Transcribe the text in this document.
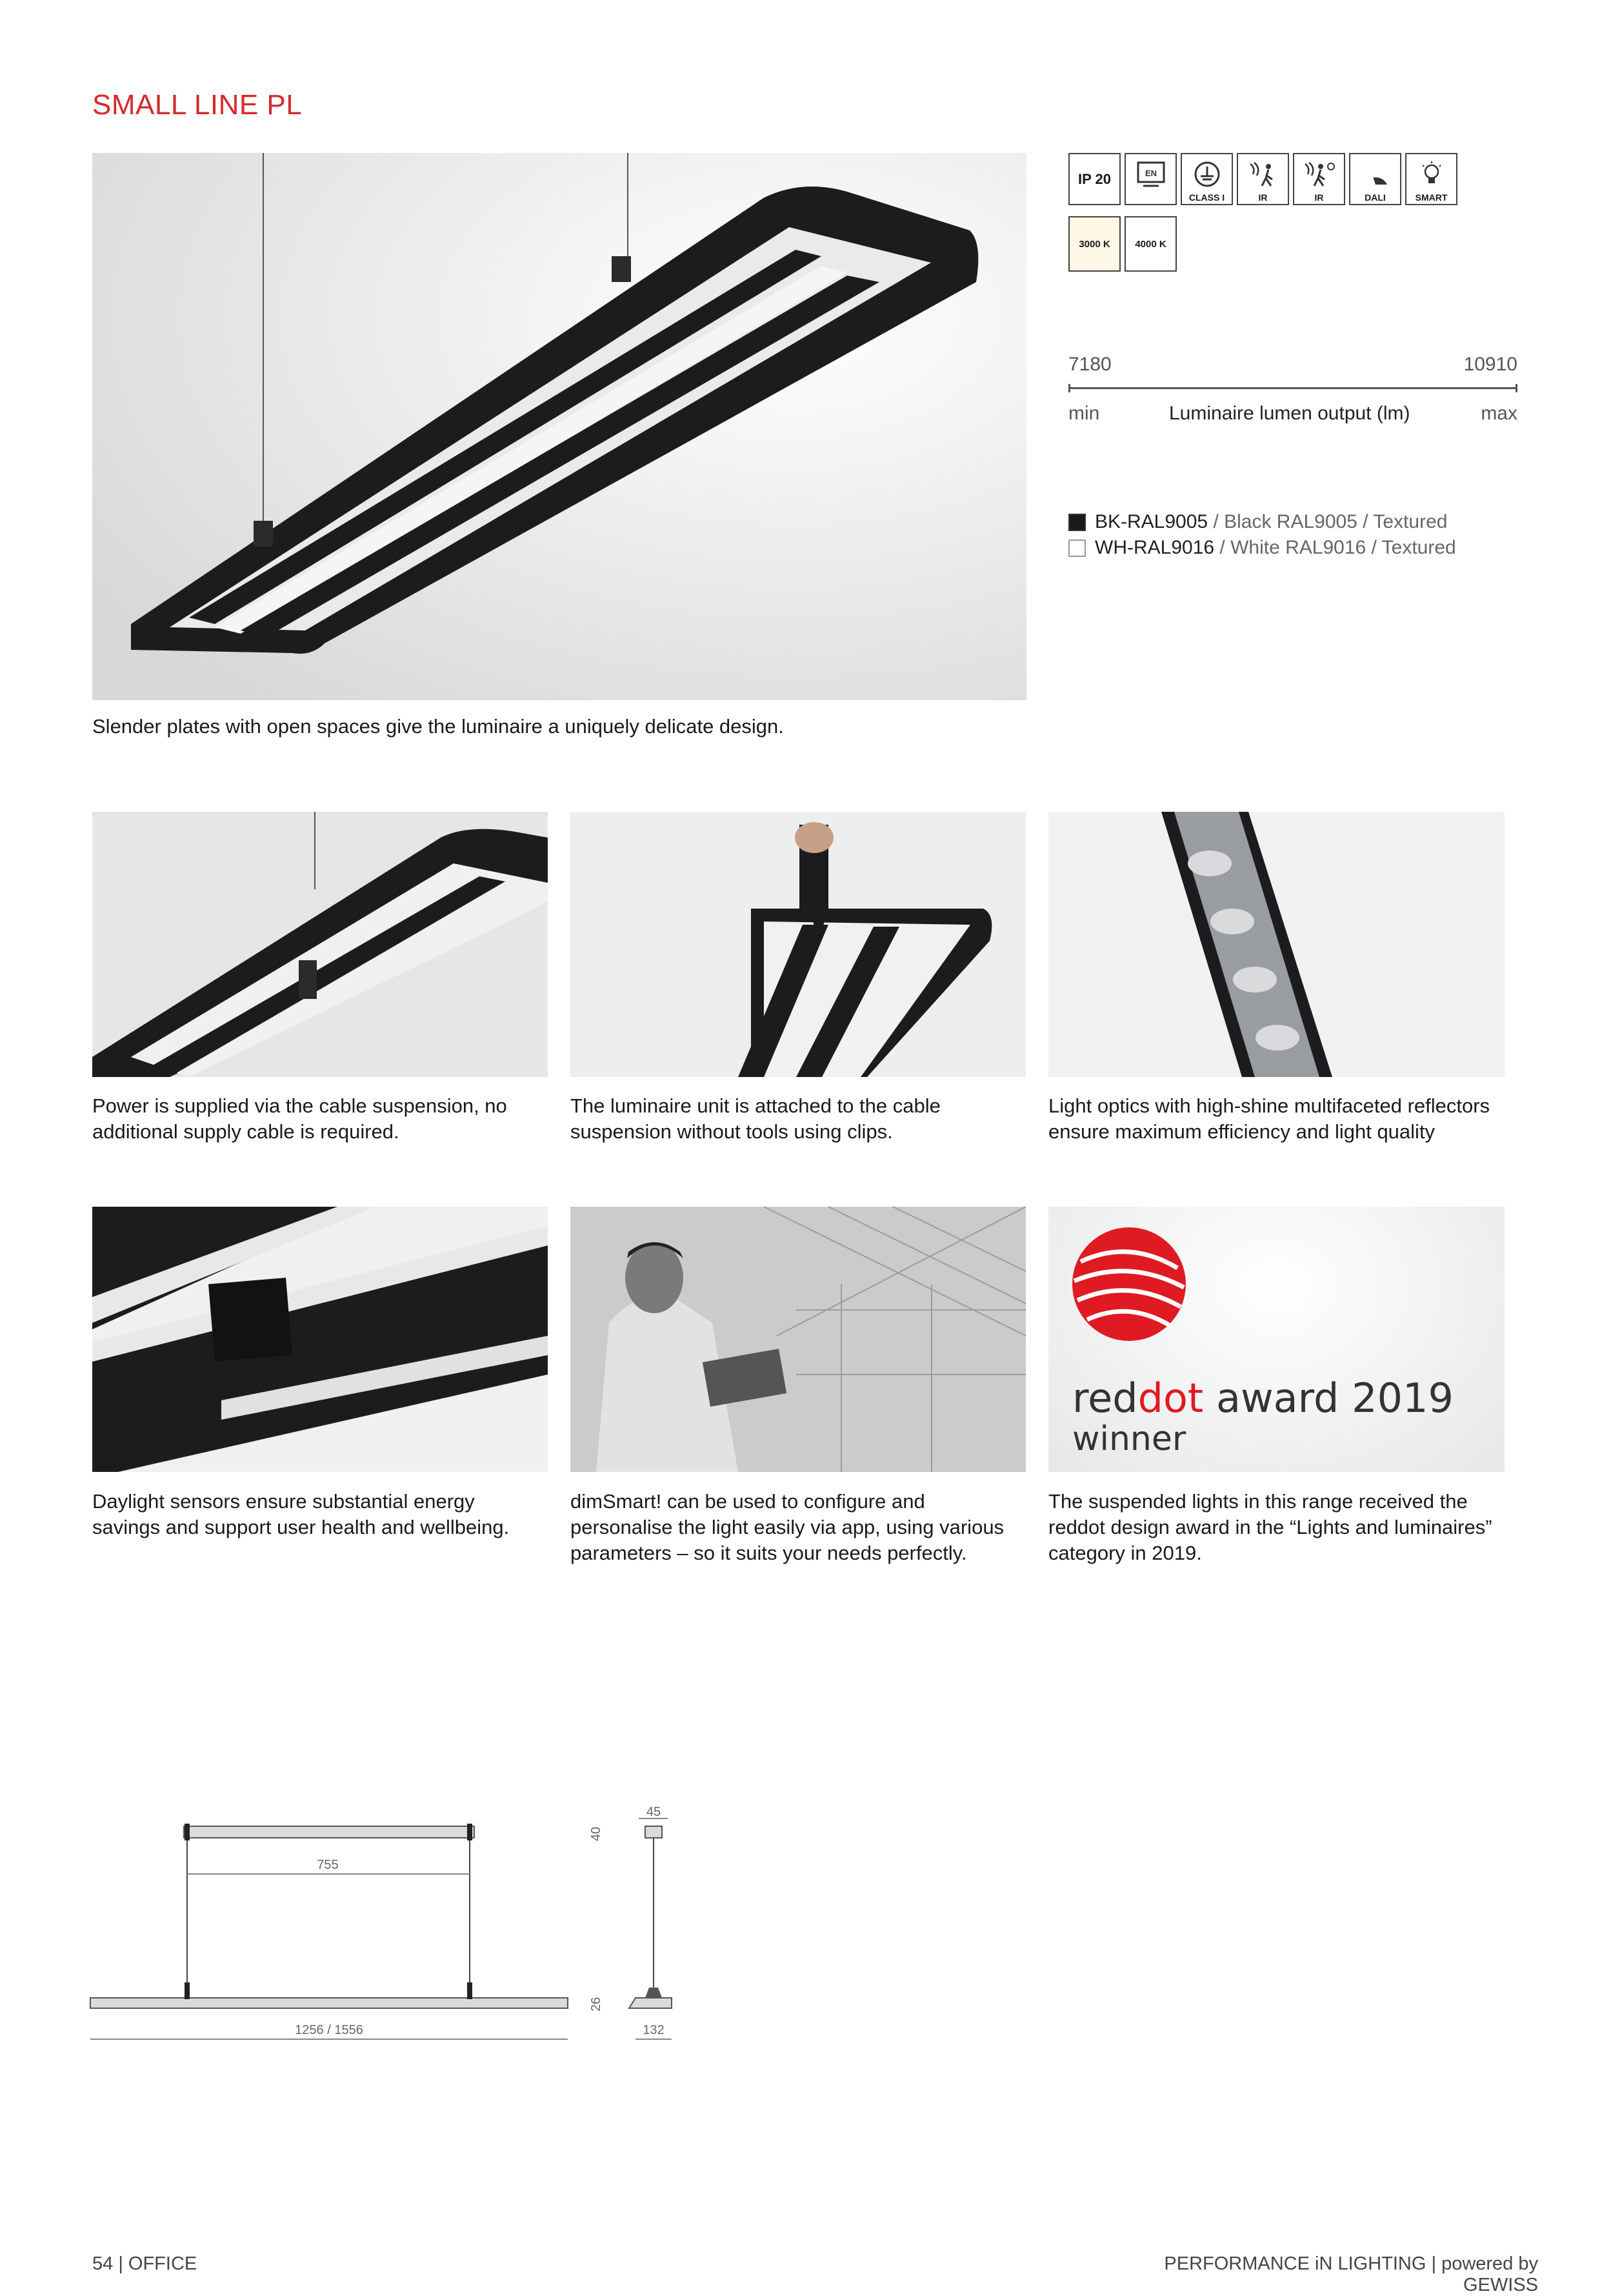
SMALL LINE PL
Slender plates with open spaces give the luminaire a uniquely delicate design.
IP 20	EN
CLASS I	IR	IR	DALI	SMART
3000 K	4000 K
7180	10910
min	Luminaire lumen output (lm)	max
BK-RAL9005 / Black RAL9005 / Textured
WH-RAL9016 / White RAL9016 / Textured
Power is supplied via the cable suspension, no additional supply cable is required.
The luminaire unit is attached to the cable suspension without tools using clips.
Light optics with high-shine multifaceted reflectors ensure maximum efficiency and light quality
reddot award 2019
winner
Daylight sensors ensure substantial energy savings and support user health and wellbeing.
dimSmart! can be used to configure and personalise the light easily via app, using various parameters – so it suits your needs perfectly.
The suspended lights in this range received the reddot design award in the “Lights and luminaires” category in 2019.
755
1256 / 1556
45
132
40
26
54 | OFFICE	PERFORMANCE iN LIGHTING | powered by GEWISS
